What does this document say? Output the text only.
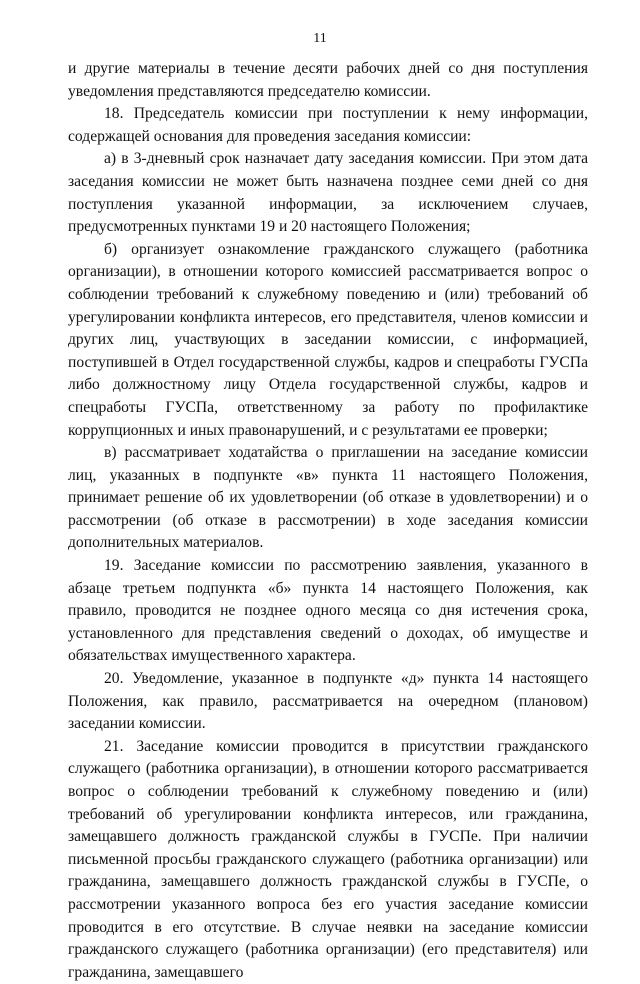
11

и другие материалы в течение десяти рабочих дней со дня поступления уведомления представляются председателю комиссии.

18. Председатель комиссии при поступлении к нему информации, содержащей основания для проведения заседания комиссии:

а) в 3-дневный срок назначает дату заседания комиссии. При этом дата заседания комиссии не может быть назначена позднее семи дней со дня поступления указанной информации, за исключением случаев, предусмотренных пунктами 19 и 20 настоящего Положения;

б) организует ознакомление гражданского служащего (работника организации), в отношении которого комиссией рассматривается вопрос о соблюдении требований к служебному поведению и (или) требований об урегулировании конфликта интересов, его представителя, членов комиссии и других лиц, участвующих в заседании комиссии, с информацией, поступившей в Отдел государственной службы, кадров и спецработы ГУСПа либо должностному лицу Отдела государственной службы, кадров и спецработы ГУСПа, ответственному за работу по профилактике коррупционных и иных правонарушений, и с результатами ее проверки;

в) рассматривает ходатайства о приглашении на заседание комиссии лиц, указанных в подпункте «в» пункта 11 настоящего Положения, принимает решение об их удовлетворении (об отказе в удовлетворении) и о рассмотрении (об отказе в рассмотрении) в ходе заседания комиссии дополнительных материалов.

19. Заседание комиссии по рассмотрению заявления, указанного в абзаце третьем подпункта «б» пункта 14 настоящего Положения, как правило, проводится не позднее одного месяца со дня истечения срока, установленного для представления сведений о доходах, об имуществе и обязательствах имущественного характера.

20. Уведомление, указанное в подпункте «д» пункта 14 настоящего Положения, как правило, рассматривается на очередном (плановом) заседании комиссии.

21. Заседание комиссии проводится в присутствии гражданского служащего (работника организации), в отношении которого рассматривается вопрос о соблюдении требований к служебному поведению и (или) требований об урегулировании конфликта интересов, или гражданина, замещавшего должность гражданской службы в ГУСПе. При наличии письменной просьбы гражданского служащего (работника организации) или гражданина, замещавшего должность гражданской службы в ГУСПе, о рассмотрении указанного вопроса без его участия заседание комиссии проводится в его отсутствие. В случае неявки на заседание комиссии гражданского служащего (работника организации) (его представителя) или гражданина, замещавшего
